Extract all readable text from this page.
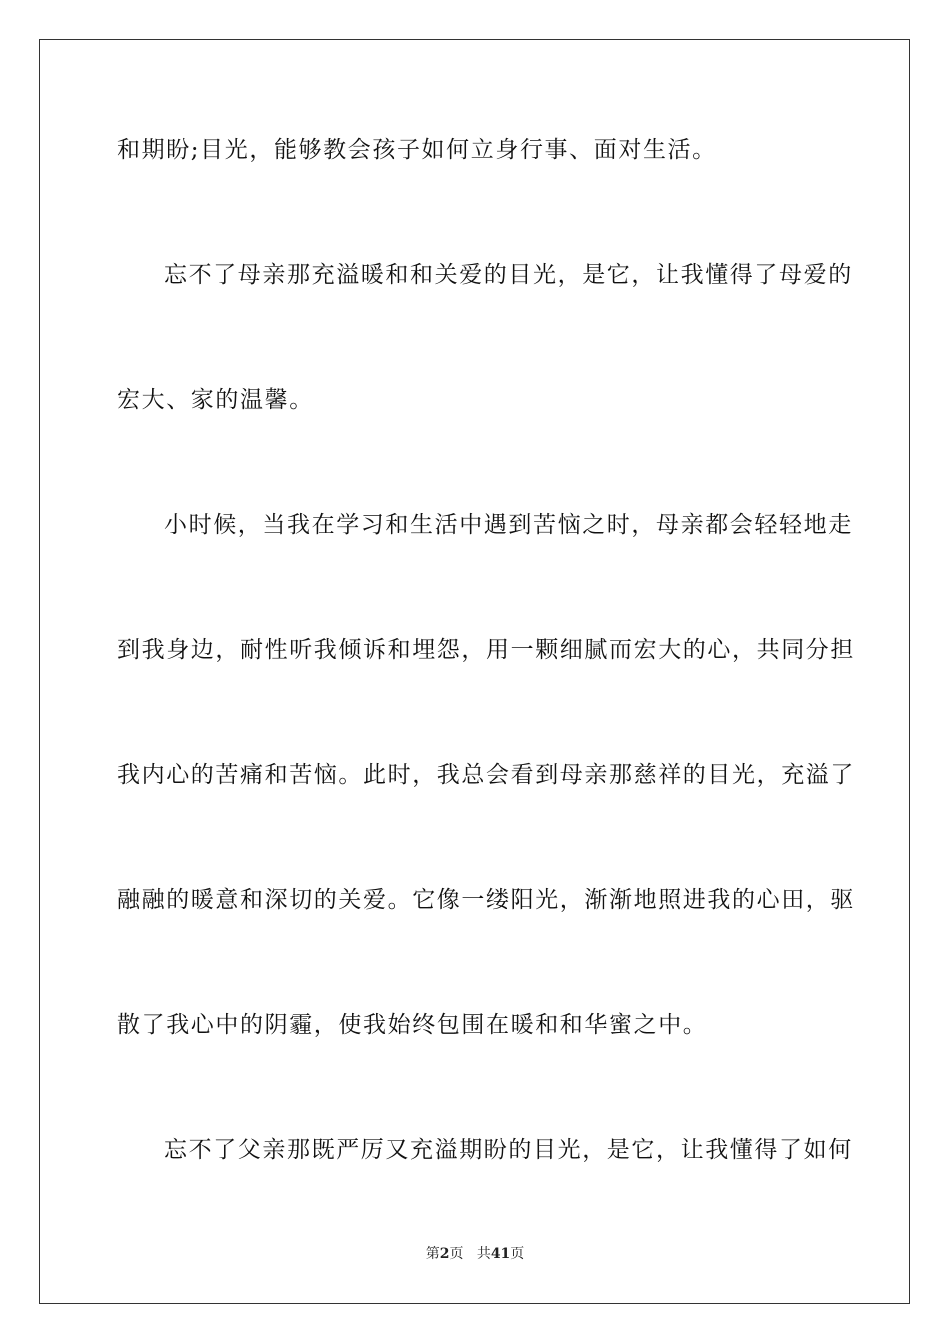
和期盼;目光，能够教会孩子如何立身行事、面对生活。
忘不了母亲那充溢暖和和关爱的目光，是它，让我懂得了母爱的
宏大、家的温馨。
小时候，当我在学习和生活中遇到苦恼之时，母亲都会轻轻地走
到我身边，耐性听我倾诉和埋怨，用一颗细腻而宏大的心，共同分担
我内心的苦痛和苦恼。此时，我总会看到母亲那慈祥的目光，充溢了
融融的暖意和深切的关爱。它像一缕阳光，渐渐地照进我的心田，驱
散了我心中的阴霾，使我始终包围在暖和和华蜜之中。
忘不了父亲那既严厉又充溢期盼的目光，是它，让我懂得了如何
第2页 共41页
